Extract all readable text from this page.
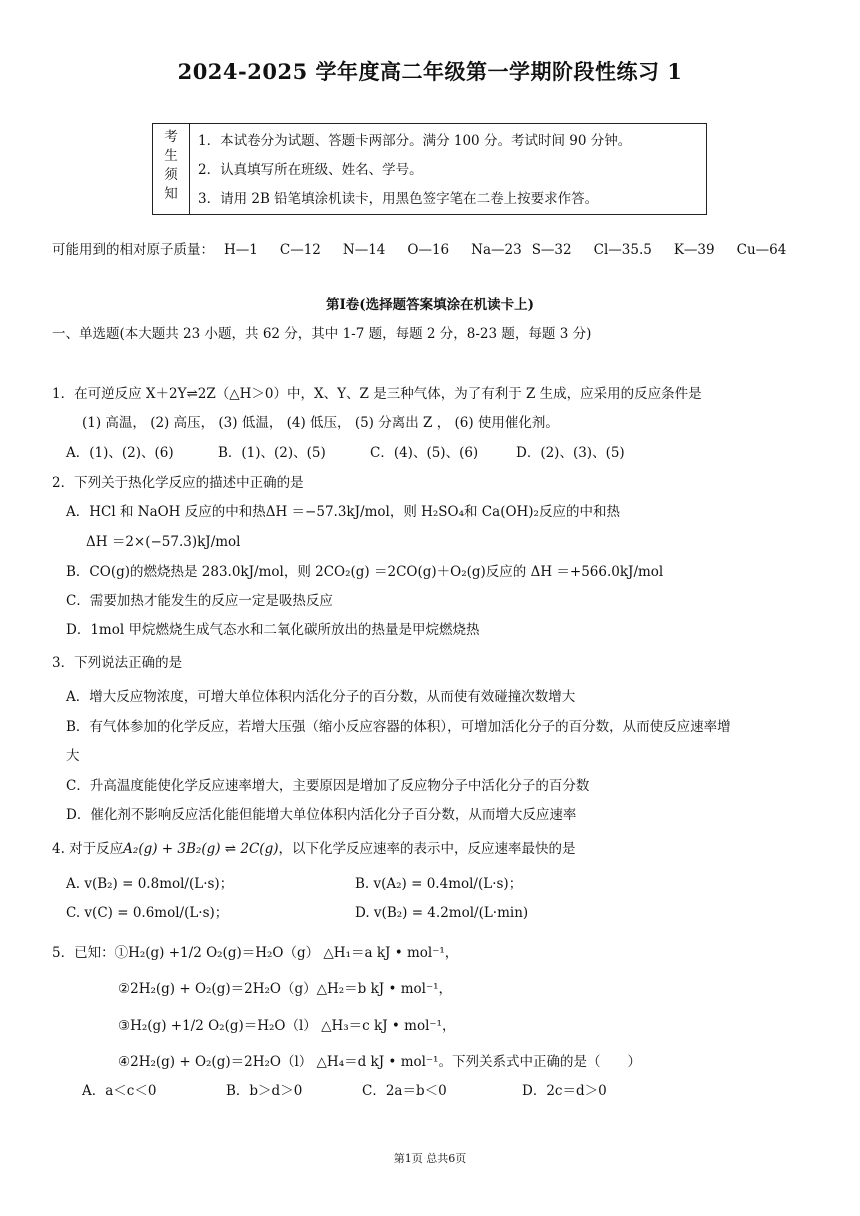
2024-2025 学年度高二年级第一学期阶段性练习 1
考
生
须
知

1．本试卷分为试题、答题卡两部分。满分 100 分。考试时间 90 分钟。
2．认真填写所在班级、姓名、学号。
3．请用 2B 铅笔填涂机读卡，用黑色签字笔在二卷上按要求作答。
可能用到的相对原子质量： H—1 C—12 N—14 O—16 Na—23 S—32 Cl—35.5 K—39 Cu—64
第Ⅰ卷(选择题答案填涂在机读卡上)
一、单选题(本大题共 23 小题，共 62 分，其中 1-7 题，每题 2 分，8-23 题，每题 3 分)
1．在可逆反应 X＋2Y⇌2Z（△H＞0）中，X、Y、Z 是三种气体，为了有利于 Z 生成，应采用的反应条件是
(1) 高温， (2) 高压， (3) 低温， (4) 低压， (5) 分离出 Z ， (6) 使用催化剂。
A．(1)、(2)、(6)	B．(1)、(2)、(5)	C．(4)、(5)、(6)	D．(2)、(3)、(5)
2．下列关于热化学反应的描述中正确的是
A．HCl 和 NaOH 反应的中和热ΔH ＝−57.3kJ/mol，则 H₂SO₄和 Ca(OH)₂反应的中和热
ΔH ＝2×(−57.3)kJ/mol
B．CO(g)的燃烧热是 283.0kJ/mol，则 2CO₂(g) ＝2CO(g)＋O₂(g)反应的 ΔH ＝+566.0kJ/mol
C．需要加热才能发生的反应一定是吸热反应
D．1mol 甲烷燃烧生成气态水和二氧化碳所放出的热量是甲烷燃烧热
3．下列说法正确的是
A．增大反应物浓度，可增大单位体积内活化分子的百分数，从而使有效碰撞次数增大
B．有气体参加的化学反应，若增大压强（缩小反应容器的体积），可增加活化分子的百分数，从而使反应速率增
大
C．升高温度能使化学反应速率增大，主要原因是增加了反应物分子中活化分子的百分数
D．催化剂不影响反应活化能但能增大单位体积内活化分子百分数，从而增大反应速率
4. 对于反应A₂(g) + 3B₂(g) ⇌ 2C(g)，以下化学反应速率的表示中，反应速率最快的是
A. v(B₂) = 0.8mol/(L·s)；	B. v(A₂) = 0.4mol/(L·s)；
C. v(C) = 0.6mol/(L·s)；	D. v(B₂) = 4.2mol/(L·min)
5．已知：①H₂(g) +1/2 O₂(g)＝H₂O（g） △H₁＝a kJ • mol⁻¹，
②2H₂(g) + O₂(g)＝2H₂O（g）△H₂＝b kJ • mol⁻¹，
③H₂(g) +1/2 O₂(g)＝H₂O（l） △H₃＝c kJ • mol⁻¹，
④2H₂(g) + O₂(g)＝2H₂O（l） △H₄＝d kJ • mol⁻¹。下列关系式中正确的是（　　）
A．a＜c＜0	B．b＞d＞0	C．2a＝b＜0	D．2c＝d＞0
第1页 总共6页
